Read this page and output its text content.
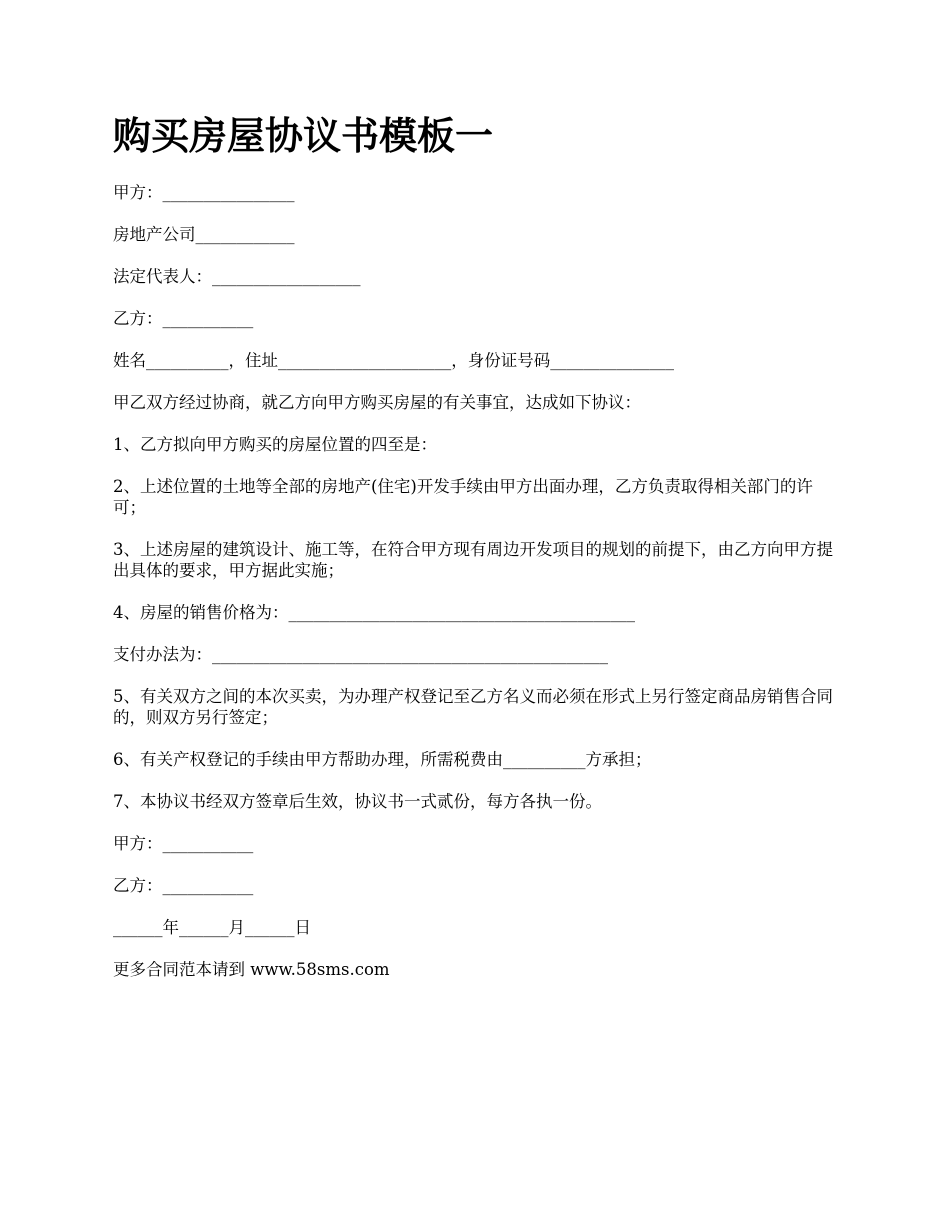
购买房屋协议书模板一

甲方：________________

房地产公司____________

法定代表人：__________________

乙方：___________

姓名__________，住址_____________________，身份证号码_______________

甲乙双方经过协商，就乙方向甲方购买房屋的有关事宜，达成如下协议：

1、乙方拟向甲方购买的房屋位置的四至是：

2、上述位置的土地等全部的房地产(住宅)开发手续由甲方出面办理，乙方负责取得相关部门的许可；

3、上述房屋的建筑设计、施工等，在符合甲方现有周边开发项目的规划的前提下，由乙方向甲方提出具体的要求，甲方据此实施；

4、房屋的销售价格为：__________________________________________

支付办法为：________________________________________________

5、有关双方之间的本次买卖，为办理产权登记至乙方名义而必须在形式上另行签定商品房销售合同的，则双方另行签定；

6、有关产权登记的手续由甲方帮助办理，所需税费由__________方承担；

7、本协议书经双方签章后生效，协议书一式贰份，每方各执一份。

甲方：___________

乙方：___________

______年______月______日

更多合同范本请到 www.58sms.com
